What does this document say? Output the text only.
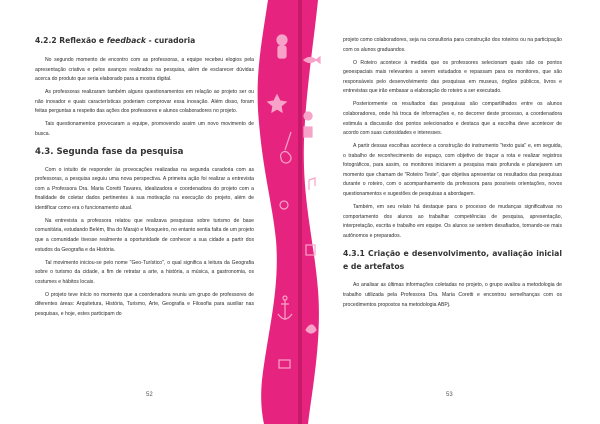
4.2.2 Reflexão e feedback - curadoria

No segundo momento de encontro com as professoras, a equipe recebeu elogios pela apresentação criativa e pelos avanços realizados na pesquisa, além de esclarecer dúvidas acerca do produto que seria elaborado para a mostra digital.

As professoras realizaram também alguns questionamentos em relação ao projeto ser ou não inovador e quais características poderiam comprovar essa inovação. Além disso, foram feitas perguntas a respeito das ações dos professores e alunos colaboradores no projeto.

Tais questionamentos provocaram a equipe, promovendo assim um novo movimento de busca.

4.3. Segunda fase da pesquisa

Com o intuito de responder às provocações realizadas na segunda curadoria com as professoras, a pesquisa seguiu uma nova perspectiva. A primeira ação foi realizar a entrevista com a Professora Dra. Maria Coretti Tavares, idealizadora e coordenadora do projeto com a finalidade de coletar dados pertinentes à sua motivação na execução do projeto, além de identificar como era o funcionamento atual.

Na entrevista a professora relatou que realizava pesquisas sobre turismo de base comunitária, estudando Belém, Ilha do Marajó e Mosqueiro, no entanto sentia falta de um projeto que a comunidade tivesse realmente a oportunidade de conhecer a sua cidade a partir dos estudos da Geografia e da História.

Tal movimento iniciou-se pelo nome "Geo-Turístico", o qual significa a leitura da Geografia sobre o turismo da cidade, a fim de retratar a arte, a história, a música, a gastronomia, os costumes e hábitos locais.

O projeto teve início no momento que a coordenadora reuniu um grupo de professores de diferentes áreas: Arquitetura, História, Turismo, Arte, Geografia e Filosofia para auxiliar nas pesquisas, e hoje, estes participam do

52

projeto como colaboradores, seja na consultoria para construção dos roteiros ou na participação com os alunos graduandos.

O Roteiro acontece à medida que os professores selecionam quais são os pontos geoespaciais mais relevantes a serem estudados e repassam para os monitores, que são responsáveis pelo desenvolvimento das pesquisas em museus, órgãos públicos, livros e entrevistas que irão embasar a elaboração do roteiro a ser executado.

Posteriormente os resultados das pesquisas são compartilhados entre os alunos colaboradores, onde há troca de informações e, no decorrer deste processo, a coordenadora estimula a discussão dos pontos selecionados e destaca que a escolha deve acontecer de acordo com suas curiosidades e interesses.

A partir dessas escolhas acontece a construção do instrumento "texto guia" e, em seguida, o trabalho de reconhecimento de espaço, com objetivo de traçar a rota e realizar registros fotográficos, para assim, os monitores iniciarem a pesquisa mais profunda e planejarem um momento que chamam de "Roteiro Teste", que objetiva apresentar os resultados das pesquisas durante o roteiro, com o acompanhamento da professora para possíveis orientações, novos questionamentos e sugestões de pesquisas a abordagem.

Também, em seu relato há destaque para o processo de mudanças significativas no comportamento dos alunos ao trabalhar competências de pesquisa, apresentação, interpretação, escrita e trabalho em equipe. Os alunos se sentem desafiados, tornando-se mais autônomos e preparados.

4.3.1 Criação e desenvolvimento, avaliação inicial e de artefatos

Ao analisar as últimas informações coletadas no projeto, o grupo avaliou a metodologia de trabalho utilizada pela Professora Dra. Maria Coretti e encontrou semelhanças com os procedimentos propostos na metodologia ABPj.

53
